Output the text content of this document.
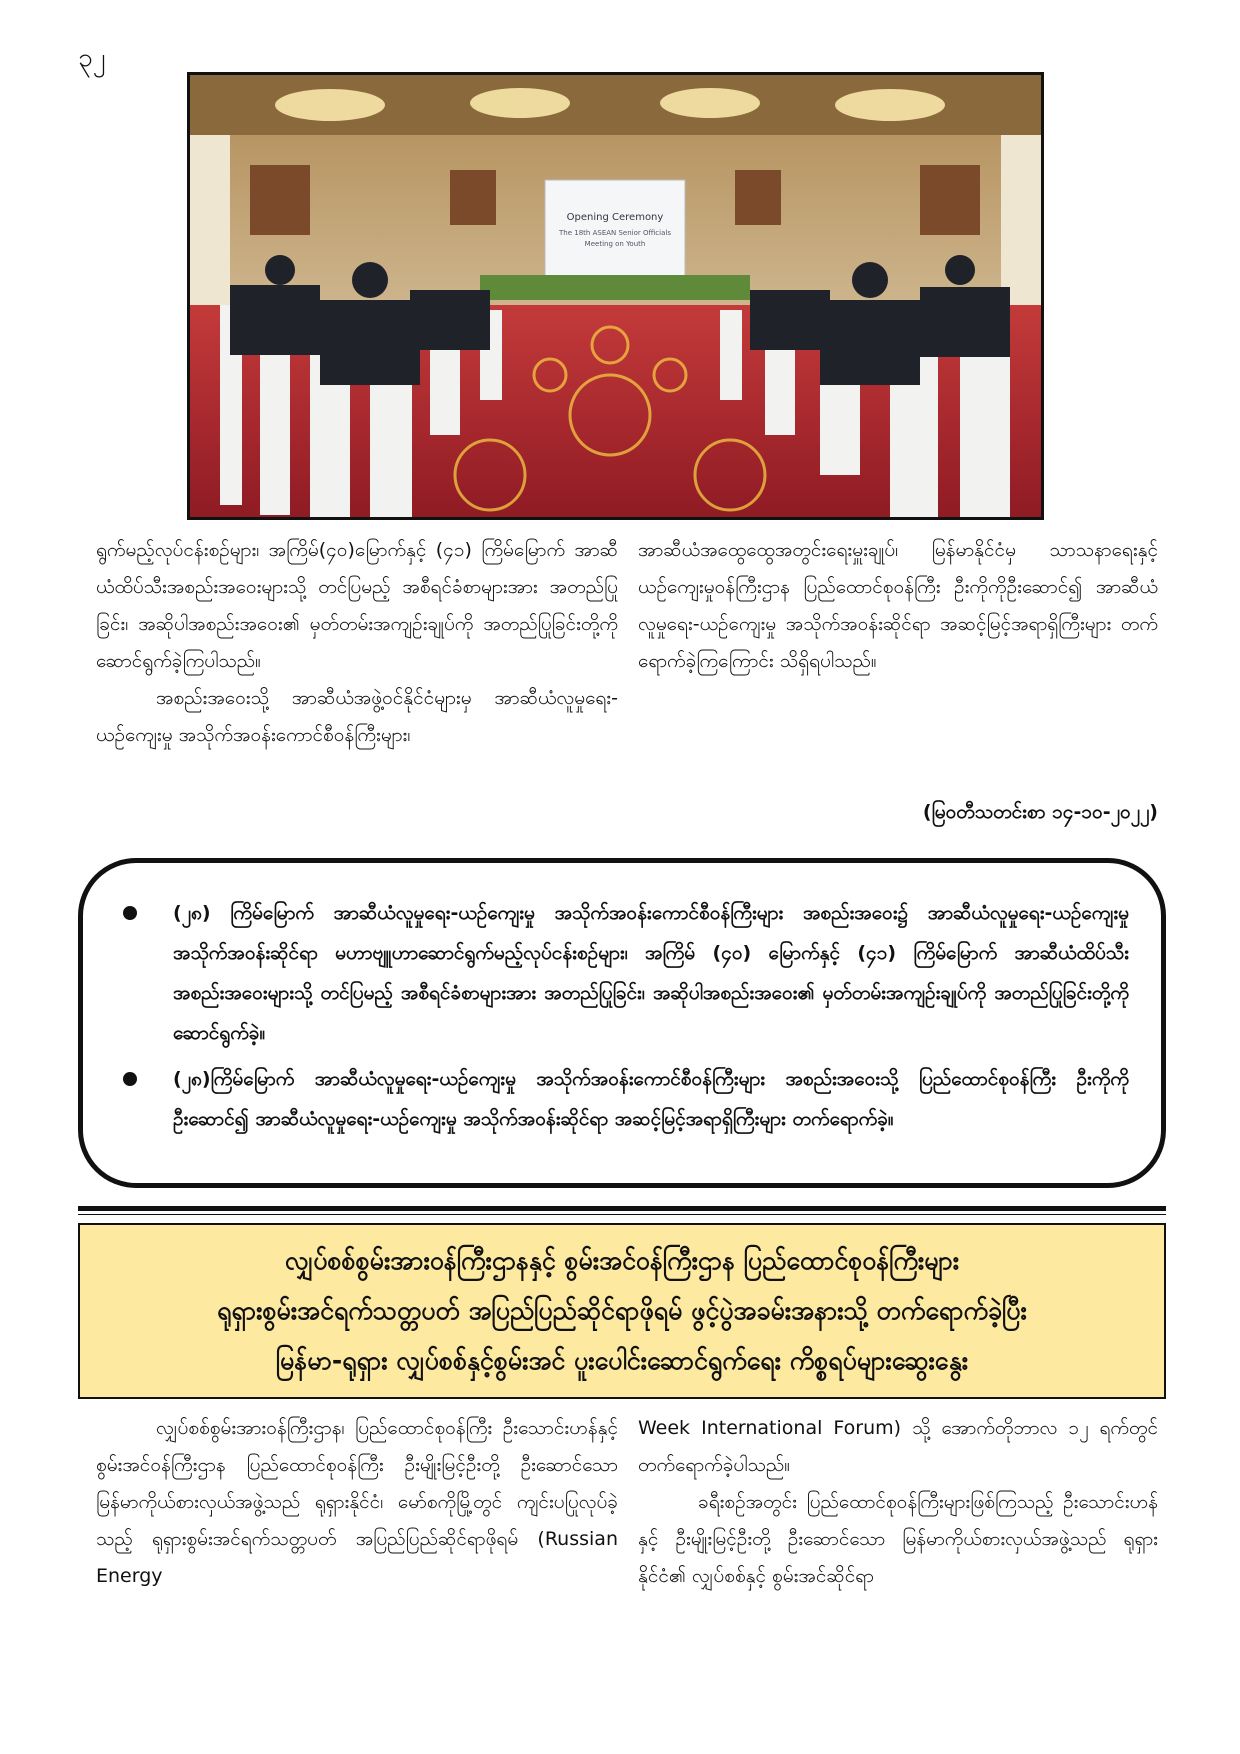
၃၂
Opening Ceremony
The 18th ASEAN Senior Officials
Meeting on Youth

ရွက်မည့်လုပ်ငန်းစဉ်များ၊ အကြိမ်(၄၀)မြောက်နှင့် (၄၁) ကြိမ်မြောက် အာဆီယံထိပ်သီးအစည်းအဝေးများသို့ တင်ပြမည့် အစီရင်ခံစာများအား အတည်ပြုခြင်း၊ အဆိုပါအစည်းအဝေး၏ မှတ်တမ်းအကျဉ်းချုပ်ကို အတည်ပြုခြင်းတို့ကို ဆောင်ရွက်ခဲ့ကြပါသည်။

အစည်းအဝေးသို့ အာဆီယံအဖွဲ့ဝင်နိုင်ငံများမှ အာဆီယံလူမှုရေး-ယဉ်ကျေးမှု အသိုက်အဝန်းကောင်စီဝန်ကြီးများ၊

အာဆီယံအထွေထွေအတွင်းရေးမှူးချုပ်၊ မြန်မာနိုင်ငံမှ သာသနာရေးနှင့်ယဉ်ကျေးမှုဝန်ကြီးဌာန ပြည်ထောင်စုဝန်ကြီး ဦးကိုကိုဦးဆောင်၍ အာဆီယံလူမှုရေး-ယဉ်ကျေးမှု အသိုက်အဝန်းဆိုင်ရာ အဆင့်မြင့်အရာရှိကြီးများ တက်ရောက်ခဲ့ကြကြောင်း သိရှိရပါသည်။

(မြဝတီသတင်းစာ ၁၄-၁၀-၂၀၂၂)
(၂၈) ကြိမ်မြောက် အာဆီယံလူမှုရေး-ယဉ်ကျေးမှု အသိုက်အဝန်းကောင်စီဝန်ကြီးများ အစည်းအဝေး၌ အာဆီယံလူမှုရေး-ယဉ်ကျေးမှု အသိုက်အဝန်းဆိုင်ရာ မဟာဗျူဟာဆောင်ရွက်မည့်လုပ်ငန်းစဉ်များ၊ အကြိမ် (၄၀) မြောက်နှင့် (၄၁) ကြိမ်မြောက် အာဆီယံထိပ်သီးအစည်းအဝေးများသို့ တင်ပြမည့် အစီရင်ခံစာများအား အတည်ပြုခြင်း၊ အဆိုပါအစည်းအဝေး၏ မှတ်တမ်းအကျဉ်းချုပ်ကို အတည်ပြုခြင်းတို့ကို ဆောင်ရွက်ခဲ့။
(၂၈)ကြိမ်မြောက် အာဆီယံလူမှုရေး-ယဉ်ကျေးမှု အသိုက်အဝန်းကောင်စီဝန်ကြီးများ အစည်းအဝေးသို့ ပြည်ထောင်စုဝန်ကြီး ဦးကိုကိုဦးဆောင်၍ အာဆီယံလူမှုရေး-ယဉ်ကျေးမှု အသိုက်အဝန်းဆိုင်ရာ အဆင့်မြင့်အရာရှိကြီးများ တက်ရောက်ခဲ့။
လျှပ်စစ်စွမ်းအားဝန်ကြီးဌာနနှင့် စွမ်းအင်ဝန်ကြီးဌာန ပြည်ထောင်စုဝန်ကြီးများ
ရုရှားစွမ်းအင်ရက်သတ္တပတ် အပြည်ပြည်ဆိုင်ရာဖိုရမ် ဖွင့်ပွဲအခမ်းအနားသို့ တက်ရောက်ခဲ့ပြီး
မြန်မာ-ရုရှား လျှပ်စစ်နှင့်စွမ်းအင် ပူးပေါင်းဆောင်ရွက်ရေး ကိစ္စရပ်များဆွေးနွေး

လျှပ်စစ်စွမ်းအားဝန်ကြီးဌာန၊ ပြည်ထောင်စုဝန်ကြီး ဦးသောင်းဟန်နှင့် စွမ်းအင်ဝန်ကြီးဌာန ပြည်ထောင်စုဝန်ကြီး ဦးမျိုးမြင့်ဦးတို့ ဦးဆောင်သော မြန်မာကိုယ်စားလှယ်အဖွဲ့သည် ရုရှားနိုင်ငံ၊ မော်စကိုမြို့တွင် ကျင်းပပြုလုပ်ခဲ့သည့် ရုရှားစွမ်းအင်ရက်သတ္တပတ် အပြည်ပြည်ဆိုင်ရာဖိုရမ် (Russian Energy

Week International Forum) သို့ အောက်တိုဘာလ ၁၂ ရက်တွင် တက်ရောက်ခဲ့ပါသည်။

ခရီးစဉ်အတွင်း ပြည်ထောင်စုဝန်ကြီးများဖြစ်ကြသည့် ဦးသောင်းဟန်နှင့် ဦးမျိုးမြင့်ဦးတို့ ဦးဆောင်သော မြန်မာကိုယ်စားလှယ်အဖွဲ့သည် ရုရှားနိုင်ငံ၏ လျှပ်စစ်နှင့် စွမ်းအင်ဆိုင်ရာ
